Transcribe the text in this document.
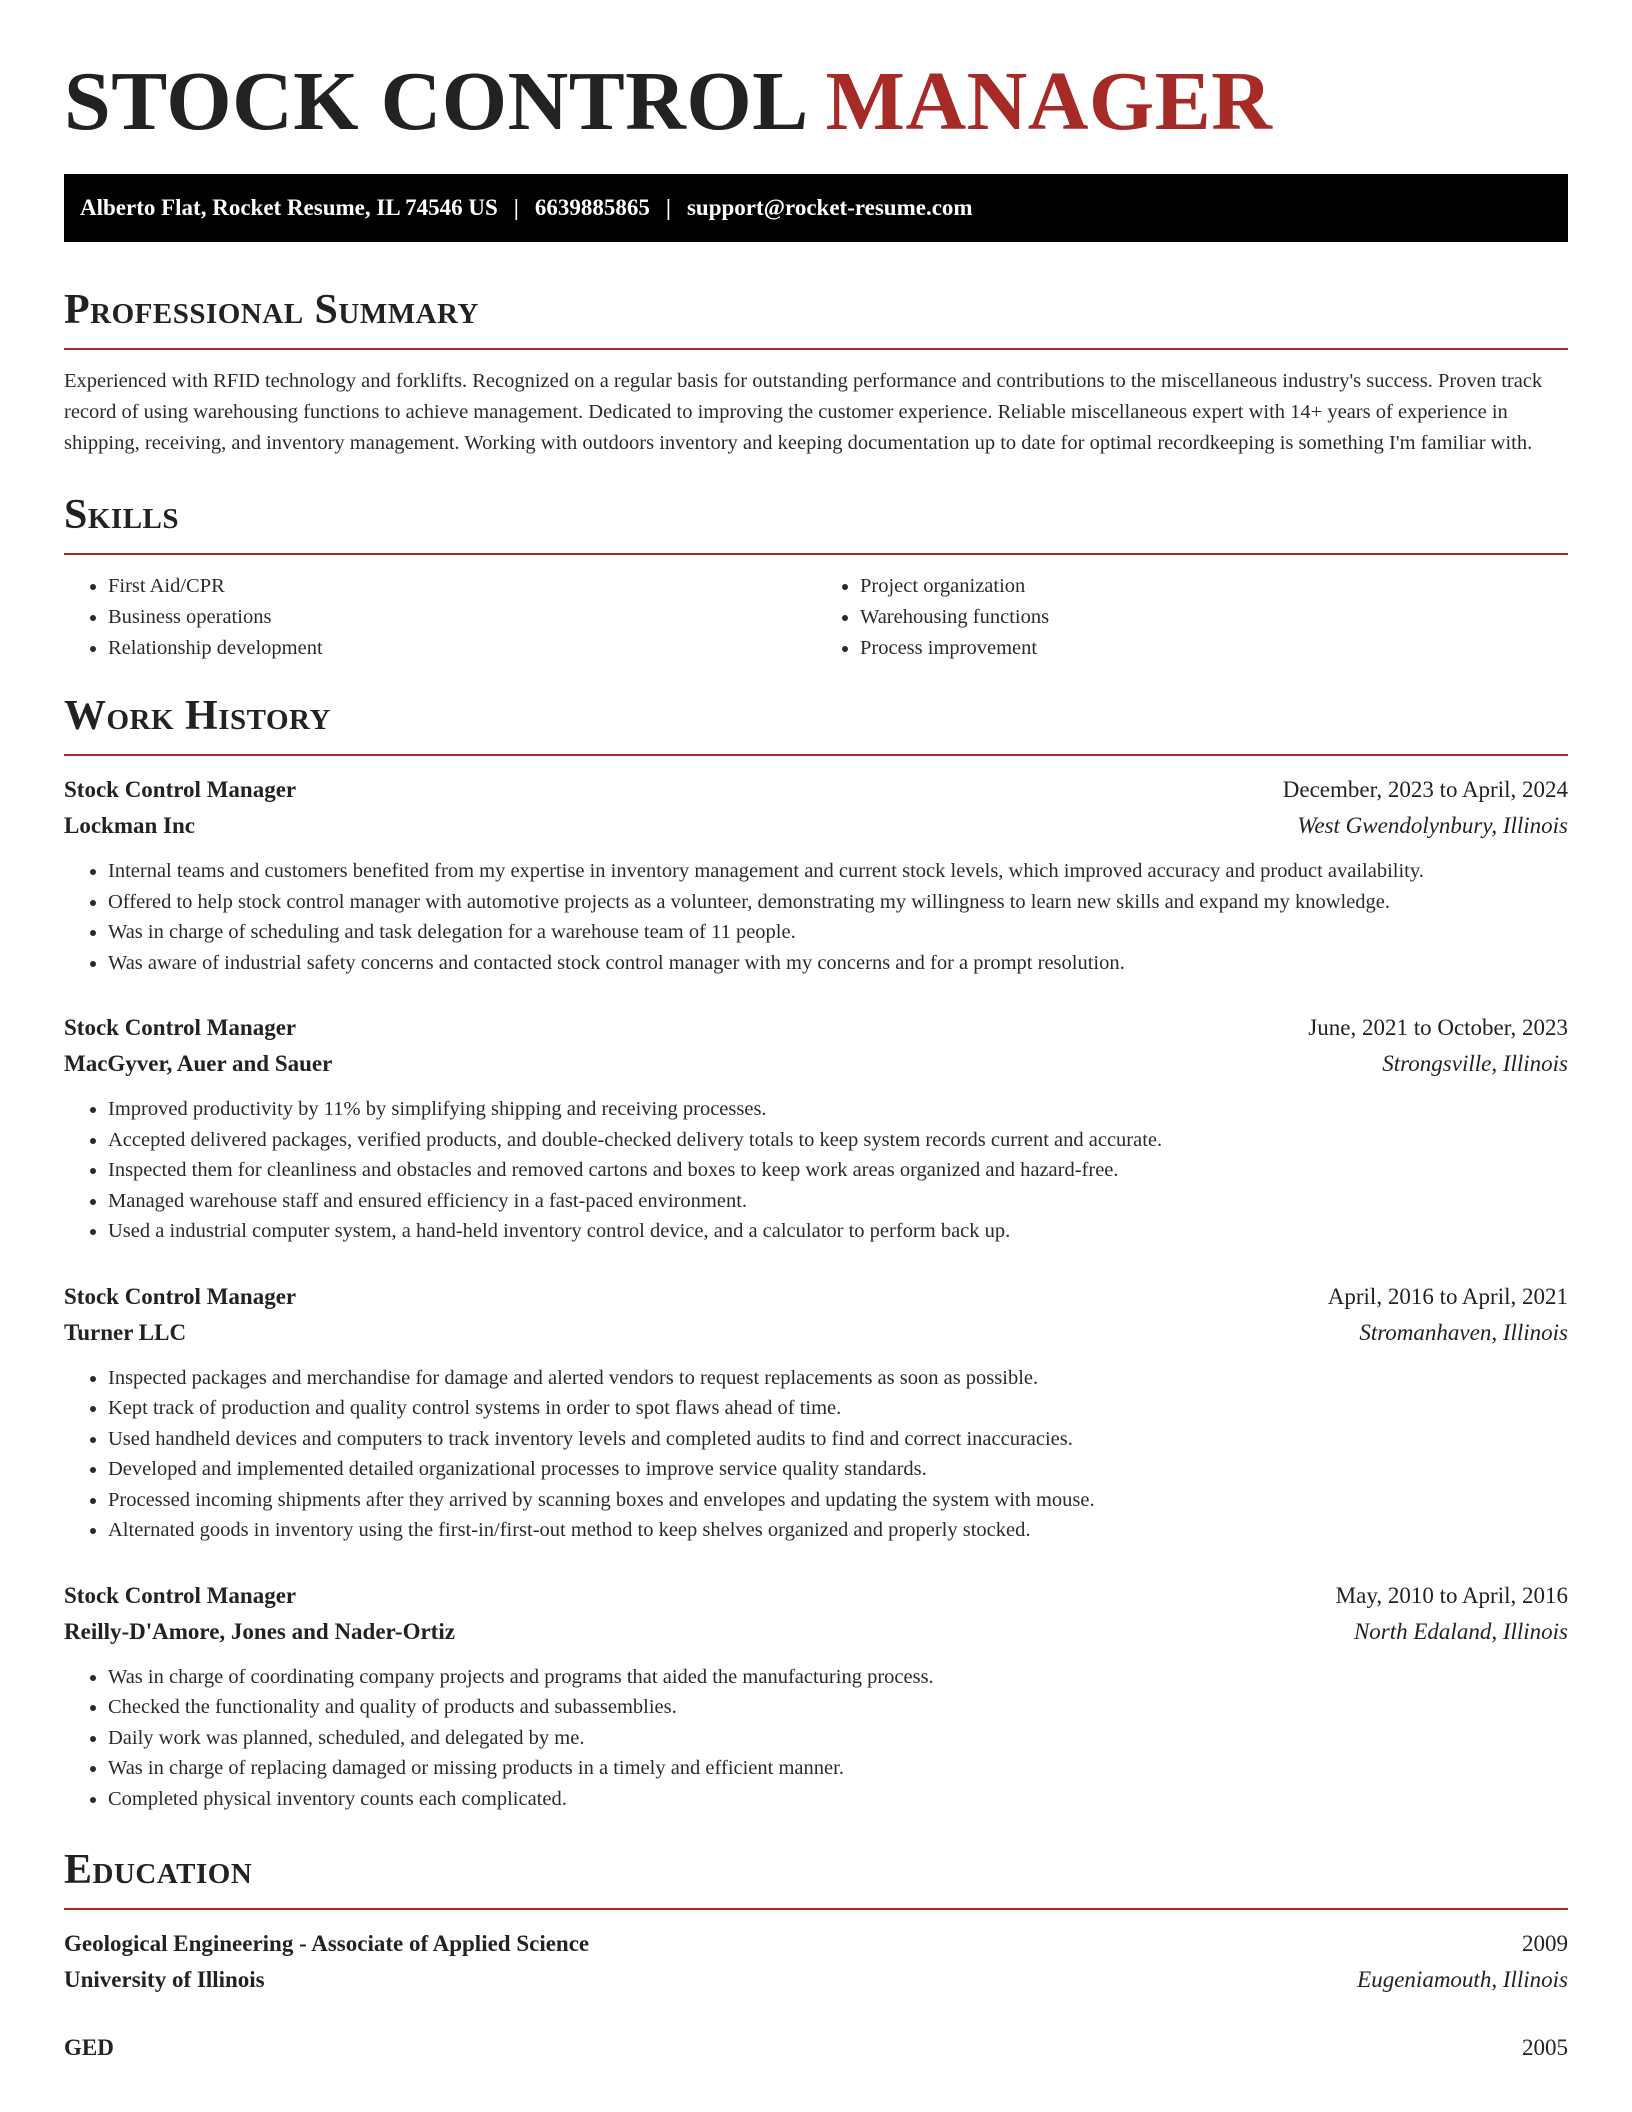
STOCK CONTROL MANAGER
Alberto Flat, Rocket Resume, IL 74546 US | 6639885865 | support@rocket-resume.com
Professional Summary

Experienced with RFID technology and forklifts. Recognized on a regular basis for outstanding performance and contributions to the miscellaneous industry's success. Proven track record of using warehousing functions to achieve management. Dedicated to improving the customer experience. Reliable miscellaneous expert with 14+ years of experience in shipping, receiving, and inventory management. Working with outdoors inventory and keeping documentation up to date for optimal recordkeeping is something I'm familiar with.

Skills
• First Aid/CPR
• Business operations
• Relationship development
• Project organization
• Warehousing functions
• Process improvement
Work History
Stock Control Manager	December, 2023 to April, 2024
Lockman Inc	West Gwendolynbury, Illinois
• Internal teams and customers benefited from my expertise in inventory management and current stock levels, which improved accuracy and product availability.
• Offered to help stock control manager with automotive projects as a volunteer, demonstrating my willingness to learn new skills and expand my knowledge.
• Was in charge of scheduling and task delegation for a warehouse team of 11 people.
• Was aware of industrial safety concerns and contacted stock control manager with my concerns and for a prompt resolution.
Stock Control Manager	June, 2021 to October, 2023
MacGyver, Auer and Sauer	Strongsville, Illinois
• Improved productivity by 11% by simplifying shipping and receiving processes.
• Accepted delivered packages, verified products, and double-checked delivery totals to keep system records current and accurate.
• Inspected them for cleanliness and obstacles and removed cartons and boxes to keep work areas organized and hazard-free.
• Managed warehouse staff and ensured efficiency in a fast-paced environment.
• Used a industrial computer system, a hand-held inventory control device, and a calculator to perform back up.
Stock Control Manager	April, 2016 to April, 2021
Turner LLC	Stromanhaven, Illinois
• Inspected packages and merchandise for damage and alerted vendors to request replacements as soon as possible.
• Kept track of production and quality control systems in order to spot flaws ahead of time.
• Used handheld devices and computers to track inventory levels and completed audits to find and correct inaccuracies.
• Developed and implemented detailed organizational processes to improve service quality standards.
• Processed incoming shipments after they arrived by scanning boxes and envelopes and updating the system with mouse.
• Alternated goods in inventory using the first-in/first-out method to keep shelves organized and properly stocked.
Stock Control Manager	May, 2010 to April, 2016
Reilly-D'Amore, Jones and Nader-Ortiz	North Edaland, Illinois
• Was in charge of coordinating company projects and programs that aided the manufacturing process.
• Checked the functionality and quality of products and subassemblies.
• Daily work was planned, scheduled, and delegated by me.
• Was in charge of replacing damaged or missing products in a timely and efficient manner.
• Completed physical inventory counts each complicated.
Education
Geological Engineering - Associate of Applied Science	2009
University of Illinois	Eugeniamouth, Illinois
GED	2005
